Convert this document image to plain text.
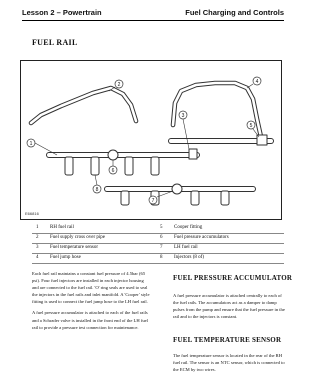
Lesson 2 – Powertrain	Fuel Charging and Controls
FUEL RAIL
1
2
3
4
5
6
7
8
E66816
1 RH fuel rail
2 Fuel supply cross over pipe
3 Fuel temperature sensor
4 Fuel jump hose
5 Cooper fitting
6 Fuel pressure accumulators
7 LH fuel rail
8 Injectors (8 of)

Each fuel rail maintains a constant fuel pressure of 4.5bar (65 psi). Four fuel injectors are installed in each injector housing and are connected to the fuel rail. 'O' ring seals are used to seal the injectors in the fuel rails and inlet manifold. A 'Cooper' style fitting is used to connect the fuel jump hose to the LH fuel rail.

A fuel pressure accumulator is attached to each of the fuel rails and a Schrader valve is installed in the front end of the LH fuel rail to provide a pressure test connection for maintenance.

FUEL PRESSURE ACCUMULATOR

A fuel pressure accumulator is attached centrally to each of the fuel rails. The accumulators act as a damper to damp pulses from the pump and ensure that the fuel pressure in the rail and to the injectors is constant.

FUEL TEMPERATURE SENSOR

The fuel temperature sensor is located in the rear of the RH fuel rail. The sensor is an NTC sensor, which is connected to the ECM by two wires.
